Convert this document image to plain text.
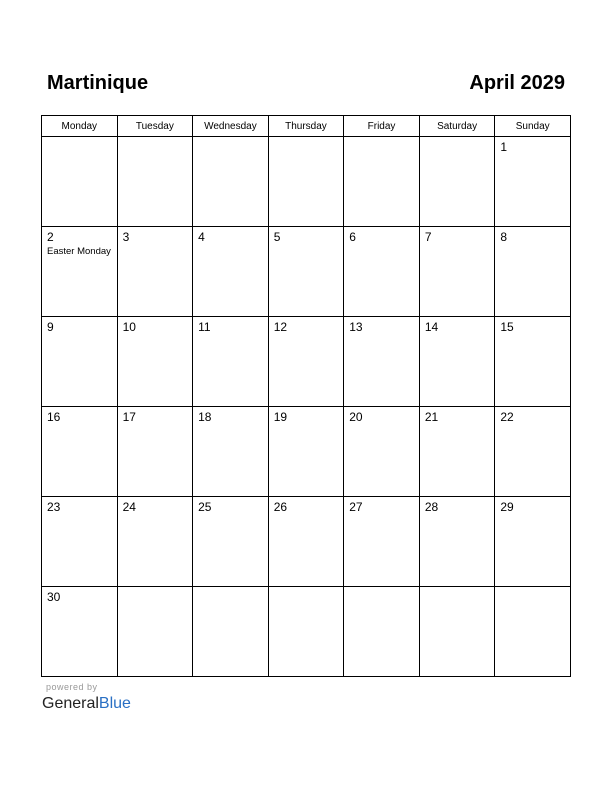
Martinique	April 2029
Monday	Tuesday	Wednesday	Thursday	Friday	Saturday	Sunday

						1

2
Easter Monday	3	4	5	6	7	8

9	10	11	12	13	14	15

16	17	18	19	20	21	22

23	24	25	26	27	28	29

30						

powered by
GeneralBlue
